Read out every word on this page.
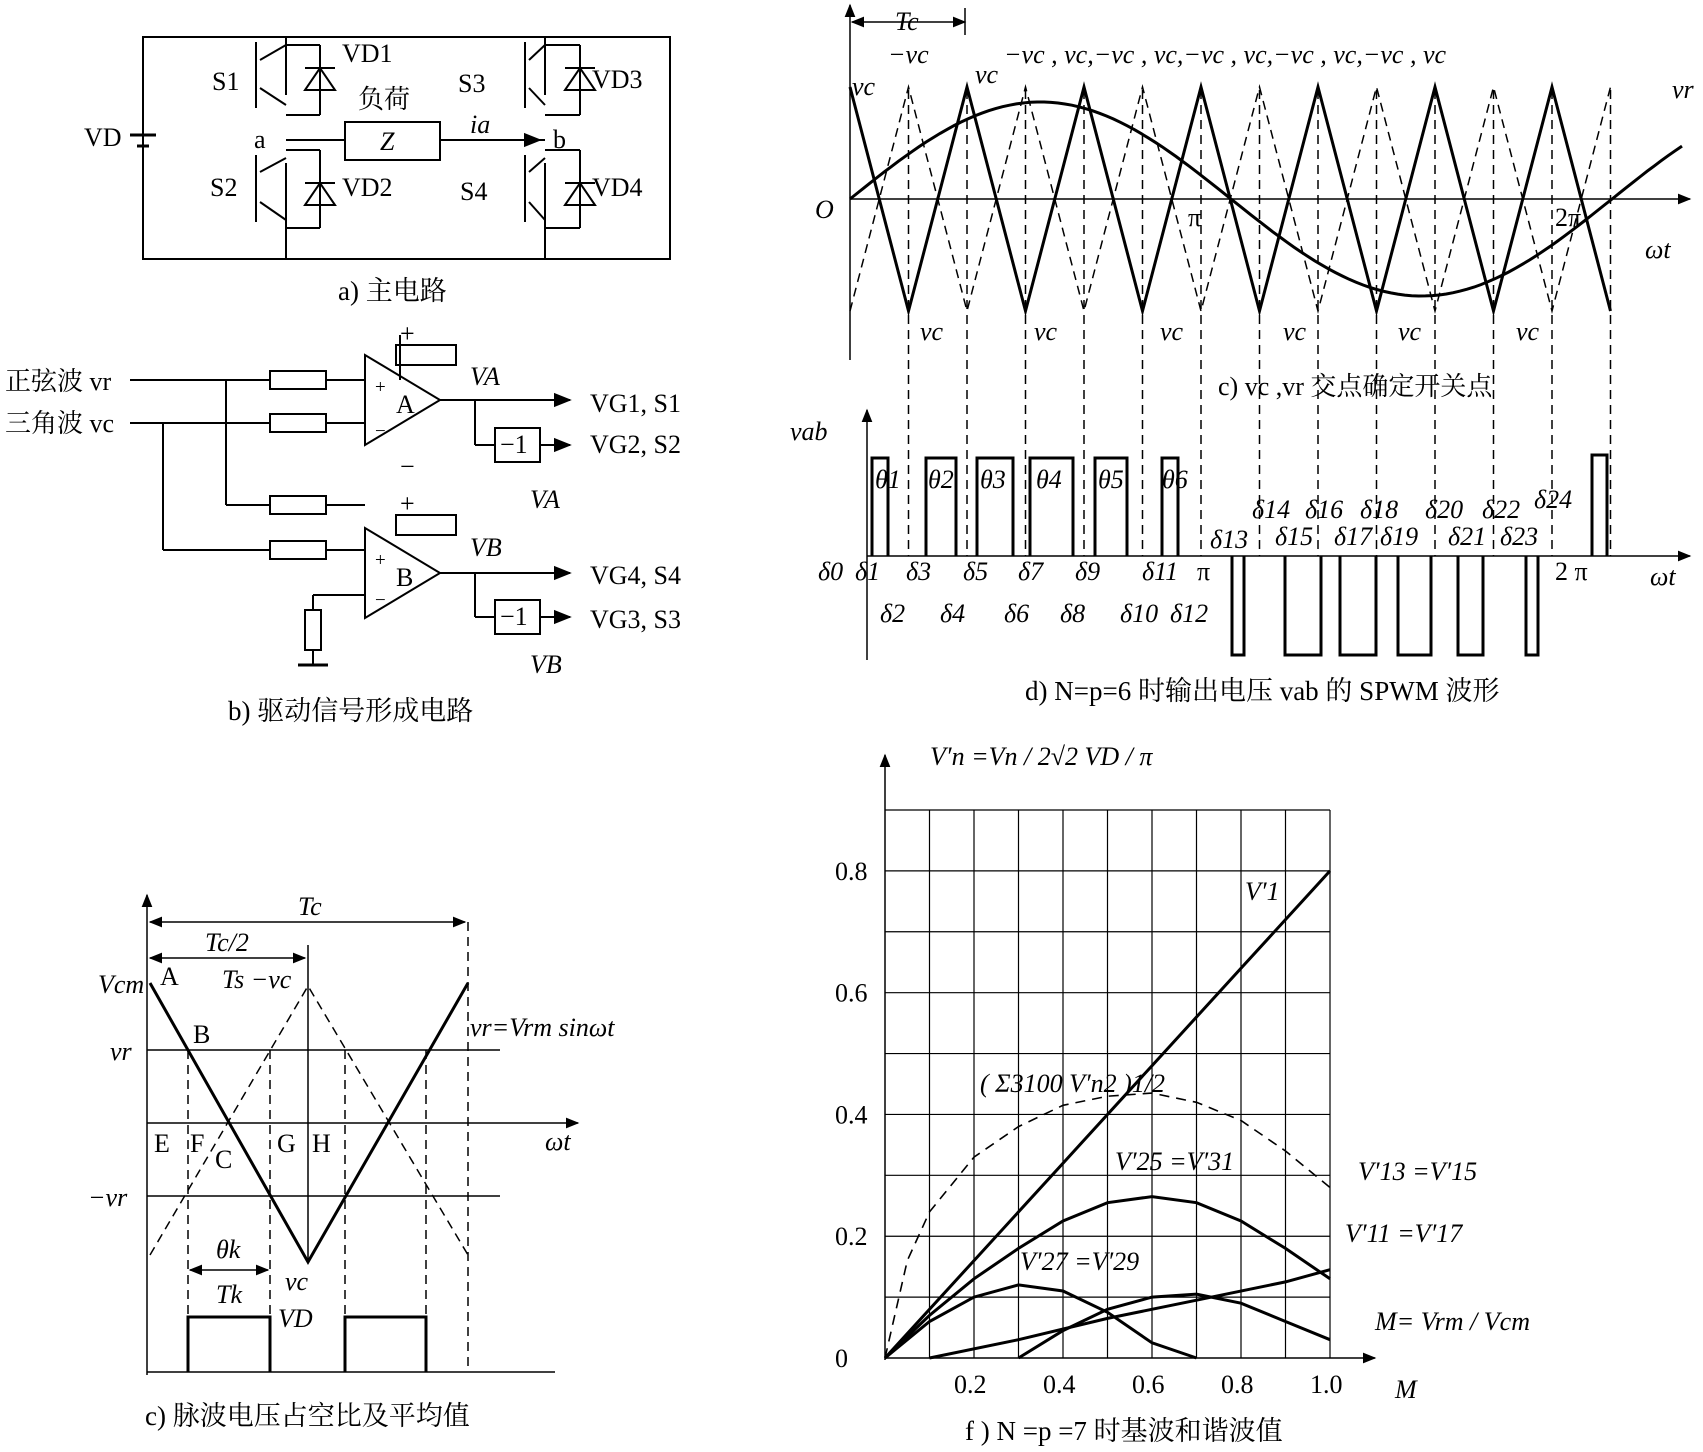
VD
负荷
Z
ia
a	b
S1
S2
S3
S4
VD1
VD2
VD3
VD4
a) 主电路
正弦波 vr
三角波 vc
A
B
+
−
+
+
−
+
−
−1
−1
VA
VB
VA
VB
VG1, S1
VG2, S2
VG4, S4
VG3, S3
b) 驱动信号形成电路
Tc
Tc/2
Vcm A Ts −vc
B
vr
vr=Vrm sinωt
E F
C
G H	ωt
−vr
θk
vc
Tk
VD
c) 脉波电压占空比及平均值
Tc
−vc
vc	vc
−vc , vc,−vc , vc,−vc , vc,−vc , vc,−vc , vc
vr
O	π	2π
ωt
vc	vc	vc	vc	vc	vc
c) vc ,vr 交点确定开关点
vab
θ1 θ2 θ3 θ4 θ5 θ6
δ0 δ1 δ3 δ5 δ7 δ9 δ11 π
δ13
δ2 δ4 δ6 δ8 δ10 δ12
δ14 δ16 δ18 δ20 δ22 δ24
δ15 δ17 δ19 δ21 δ23
2 π ωt
d) N=p=6 时输出电压 vab 的 SPWM 波形
0
0.2
0.4
0.6
0.8
0.2 0.4 0.6 0.8 1.0
V′n =Vn / 2√2 VD / π
M
M= Vrm / Vcm
V′1
( Σ3100 V′n2 )1/2
V′25 =V′31	V′13 =V′15
V′11 =V′17
V′27 =V′29
f ) N =p =7 时基波和谐波值
